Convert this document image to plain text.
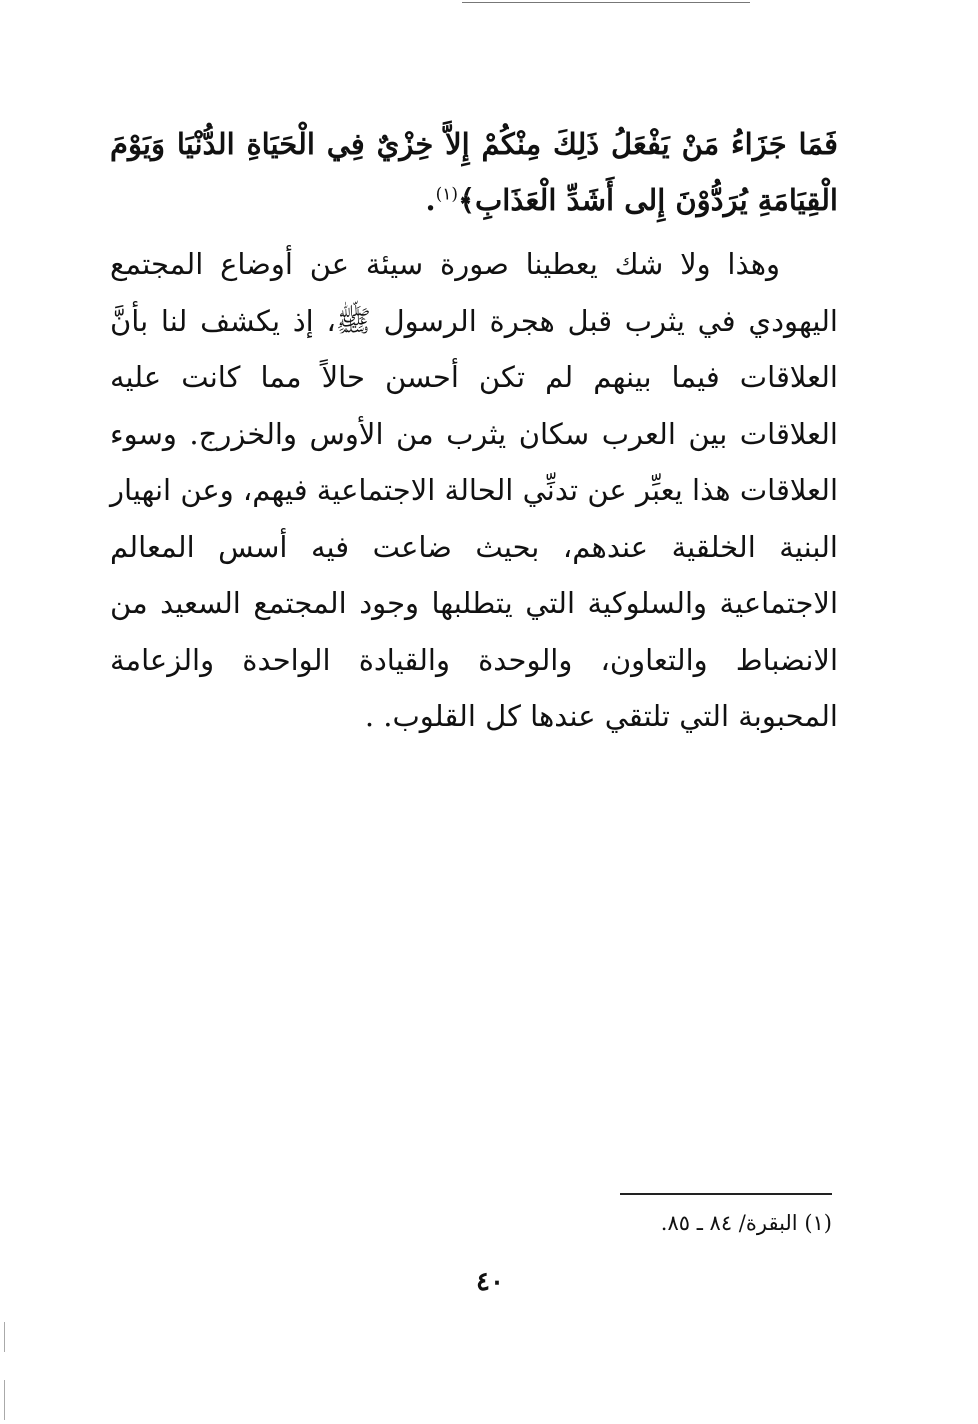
فَمَا جَزَاءُ مَنْ يَفْعَلُ ذَلِكَ مِنْكُمْ إِلاَّ خِزْيٌ فِي الْحَيَاةِ الدُّنْيَا وَيَوْمَ الْقِيَامَةِ يُرَدُّوْنَ إِلى أَشَدِّ الْعَذَابِ﴾$^{(١)}$.

وهذا ولا شك يعطينا صورة سيئة عن أوضاع المجتمع اليهودي في يثرب قبل هجرة الرسول ﷺ، إذ يكشف لنا بأنَّ العلاقات فيما بينهم لم تكن أحسن حالاً مما كانت عليه العلاقات بين العرب سكان يثرب من الأوس والخزرج. وسوء العلاقات هذا يعبِّر عن تدنِّي الحالة الاجتماعية فيهم، وعن انهيار البنية الخلقية عندهم، بحيث ضاعت فيه أسس المعالم الاجتماعية والسلوكية التي يتطلبها وجود المجتمع السعيد من الانضباط والتعاون، والوحدة والقيادة الواحدة والزعامة المحبوبة التي تلتقي عندها كل القلوب. .

(١) البقرة/ ٨٤ ـ ٨٥.
٤٠
